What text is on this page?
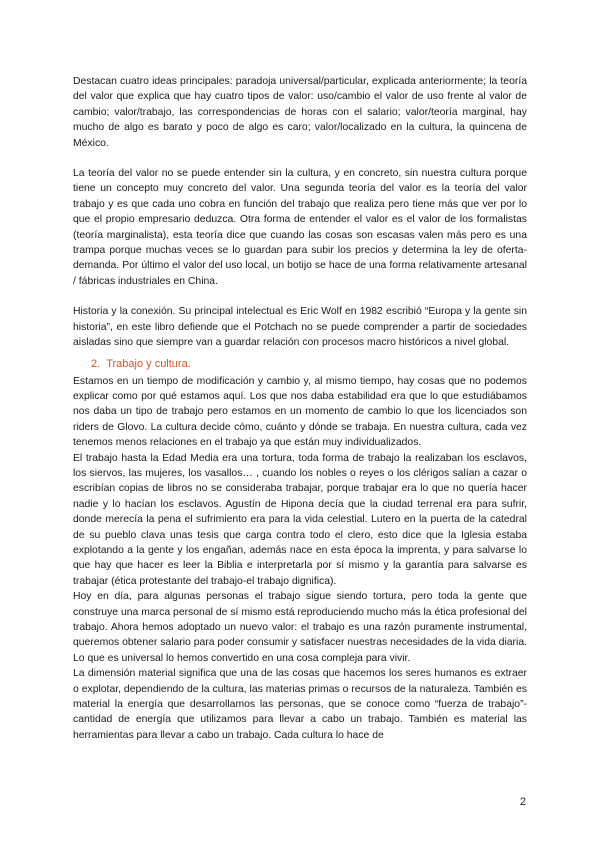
Destacan cuatro ideas principales: paradoja universal/particular, explicada anteriormente; la teoría del valor que explica que hay cuatro tipos de valor: uso/cambio el valor de uso frente al valor de cambio; valor/trabajo, las correspondencias de horas con el salario; valor/teoría marginal, hay mucho de algo es barato y poco de algo es caro; valor/localizado en la cultura, la quincena de México.

La teoría del valor no se puede entender sin la cultura, y en concreto, sin nuestra cultura porque tiene un concepto muy concreto del valor. Una segunda teoría del valor es la teoría del valor trabajo y es que cada uno cobra en función del trabajo que realiza pero tiene más que ver por lo que el propio empresario deduzca. Otra forma de entender el valor es el valor de los formalistas (teoría marginalista), esta teoría dice que cuando las cosas son escasas valen más pero es una trampa porque muchas veces se lo guardan para subir los precios y determina la ley de oferta-demanda. Por último el valor del uso local, un botijo se hace de una forma relativamente artesanal / fábricas industriales en China.

Historia y la conexión. Su principal intelectual es Eric Wolf en 1982 escribió “Europa y la gente sin historia”, en este libro defiende que el Potchach no se puede comprender a partir de sociedades aisladas sino que siempre van a guardar relación con procesos macro históricos a nivel global.

2. Trabajo y cultura.

Estamos en un tiempo de modificación y cambio y, al mismo tiempo, hay cosas que no podemos explicar como por qué estamos aquí. Los que nos daba estabilidad era que lo que estudiábamos nos daba un tipo de trabajo pero estamos en un momento de cambio lo que los licenciados son riders de Glovo. La cultura decide cómo, cuánto y dónde se trabaja. En nuestra cultura, cada vez tenemos menos relaciones en el trabajo ya que están muy individualizados.

El trabajo hasta la Edad Media era una tortura, toda forma de trabajo la realizaban los esclavos, los siervos, las mujeres, los vasallos… , cuando los nobles o reyes o los clérigos salían a cazar o escribían copias de libros no se consideraba trabajar, porque trabajar era lo que no quería hacer nadie y lo hacían los esclavos. Agustín de Hipona decía que la ciudad terrenal era para sufrir, donde merecía la pena el sufrimiento era para la vida celestial. Lutero en la puerta de la catedral de su pueblo clava unas tesis que carga contra todo el clero, esto dice que la Iglesia estaba explotando a la gente y los engañan, además nace en esta época la imprenta, y para salvarse lo que hay que hacer es leer la Biblia e interpretarla por sí mismo y la garantía para salvarse es trabajar (ética protestante del trabajo-el trabajo dignifica).

Hoy en día, para algunas personas el trabajo sigue siendo tortura, pero toda la gente que construye una marca personal de sí mismo está reproduciendo mucho más la ética profesional del trabajo. Ahora hemos adoptado un nuevo valor: el trabajo es una razón puramente instrumental, queremos obtener salario para poder consumir y satisfacer nuestras necesidades de la vida diaria. Lo que es universal lo hemos convertido en una cosa compleja para vivir.

La dimensión material significa que una de las cosas que hacemos los seres humanos es extraer o explotar, dependiendo de la cultura, las materias primas o recursos de la naturaleza. También es material la energía que desarrollamos las personas, que se conoce como “fuerza de trabajo”- cantidad de energía que utilizamos para llevar a cabo un trabajo. También es material las herramientas para llevar a cabo un trabajo. Cada cultura lo hace de

2
